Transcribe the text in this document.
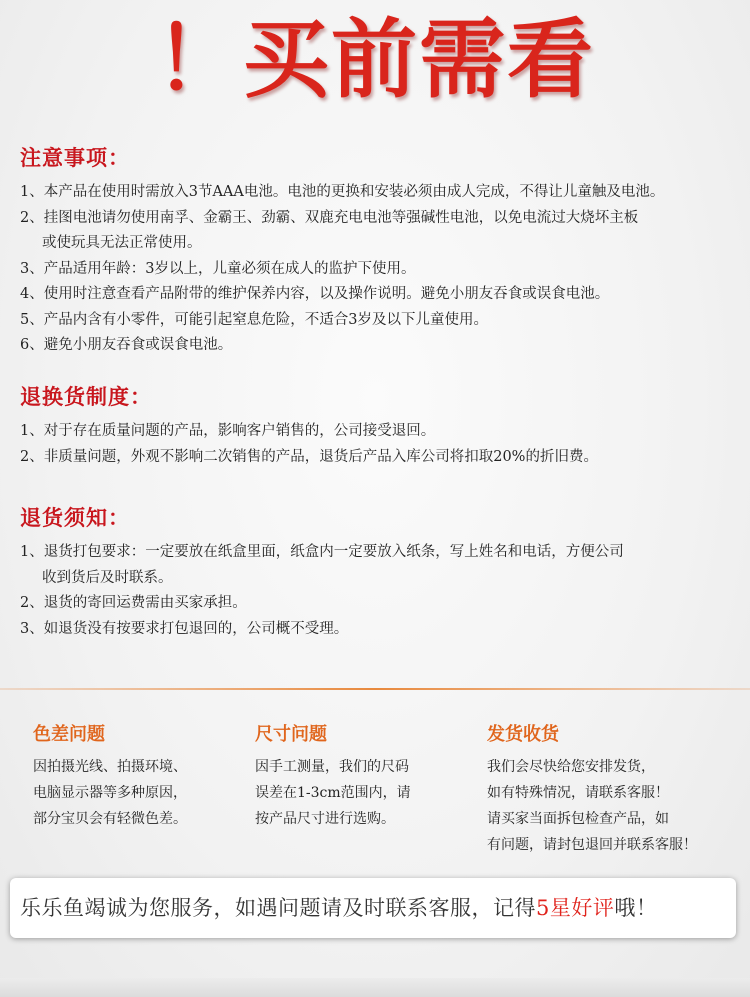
！买前需看
注意事项：
1、本产品在使用时需放入3节AAA电池。电池的更换和安装必须由成人完成，不得让儿童触及电池。
2、挂图电池请勿使用南孚、金霸王、劲霸、双鹿充电电池等强碱性电池，以免电流过大烧坏主板
或使玩具无法正常使用。
3、产品适用年龄：3岁以上，儿童必须在成人的监护下使用。
4、使用时注意查看产品附带的维护保养内容，以及操作说明。避免小朋友吞食或误食电池。
5、产品内含有小零件，可能引起窒息危险，不适合3岁及以下儿童使用。
6、避免小朋友吞食或误食电池。
退换货制度：
1、对于存在质量问题的产品，影响客户销售的，公司接受退回。
2、非质量问题，外观不影响二次销售的产品，退货后产品入库公司将扣取20%的折旧费。
退货须知：
1、退货打包要求：一定要放在纸盒里面，纸盒内一定要放入纸条，写上姓名和电话，方便公司
收到货后及时联系。
2、退货的寄回运费需由买家承担。
3、如退货没有按要求打包退回的，公司概不受理。
色差问题
因拍摄光线、拍摄环境、
电脑显示器等多种原因，
部分宝贝会有轻微色差。
尺寸问题
因手工测量，我们的尺码
误差在1-3cm范围内，请
按产品尺寸进行选购。
发货收货
我们会尽快给您安排发货，
如有特殊情况，请联系客服！
请买家当面拆包检查产品，如
有问题，请封包退回并联系客服！
乐乐鱼竭诚为您服务，如遇问题请及时联系客服，记得5星好评哦！
